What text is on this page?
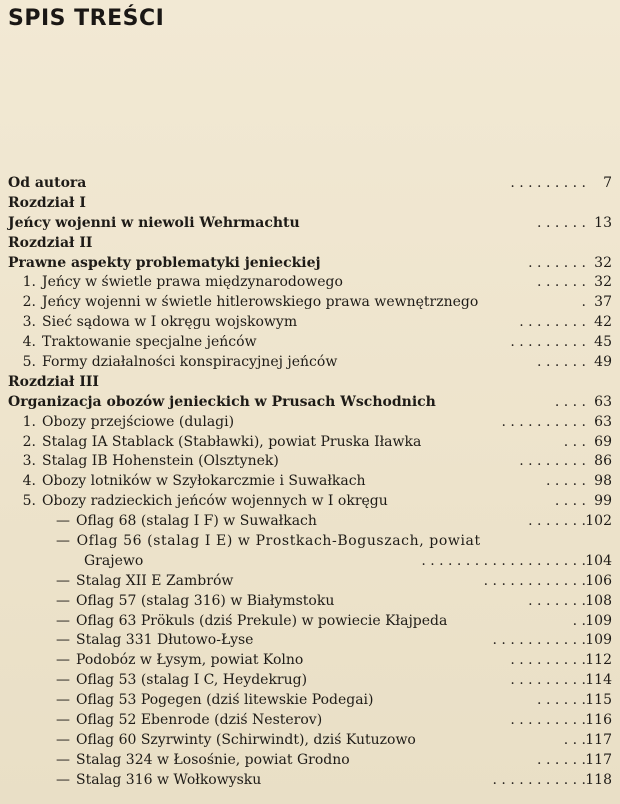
SPIS TREŚCI
Od autora	. . . . . . . . .	7
Rozdział I
Jeńcy wojenni w niewoli Wehrmachtu	. . . . . . 13
Rozdział II
Prawne aspekty problematyki jenieckiej	. . . . . . . 32
1. Jeńcy w świetle prawa międzynarodowego	. . . . . . 32
2. Jeńcy wojenni w świetle hitlerowskiego prawa wewnętrznego	. 37
3. Sieć sądowa w I okręgu wojskowym	. . . . . . . . 42
4. Traktowanie specjalne jeńców	. . . . . . . . . 45
5. Formy działalności konspiracyjnej jeńców	. . . . . . 49
Rozdział III
Organizacja obozów jenieckich w Prusach Wschodnich	. . . . 63
1. Obozy przejściowe (dulagi)	. . . . . . . . . . 63
2. Stalag IA Stablack (Stabławki), powiat Pruska Iławka	. . . 69
3. Stalag IB Hohenstein (Olsztynek)	. . . . . . . . 86
4. Obozy lotników w Szyłokarczmie i Suwałkach	. . . . . 98
5. Obozy radzieckich jeńców wojennych w I okręgu	. . . . 99
— Oflag 68 (stalag I F) w Suwałkach	. . . . . . . 102
— Oflag 56 (stalag I E) w Prostkach-Boguszach, powiat
Grajewo	. . . . . . . . . . . . . . . . . . . 104
— Stalag XII E Zambrów	. . . . . . . . . . . . 106
— Oflag 57 (stalag 316) w Białymstoku	. . . . . . . 108
— Oflag 63 Prökuls (dziś Prekule) w powiecie Kłajpeda	. . 109
— Stalag 331 Dłutowo-Łyse	. . . . . . . . . . . 109
— Podobóz w Łysym, powiat Kolno	. . . . . . . . . 112
— Oflag 53 (stalag I C, Heydekrug)	. . . . . . . . . 114
— Oflag 53 Pogegen (dziś litewskie Podegai)	. . . . . . 115
— Oflag 52 Ebenrode (dziś Nesterov)	. . . . . . . . . 116
— Oflag 60 Szyrwinty (Schirwindt), dziś Kutuzowo	. . . 117
— Stalag 324 w Łosośnie, powiat Grodno	. . . . . . 117
— Stalag 316 w Wołkowysku	. . . . . . . . . . . 118
